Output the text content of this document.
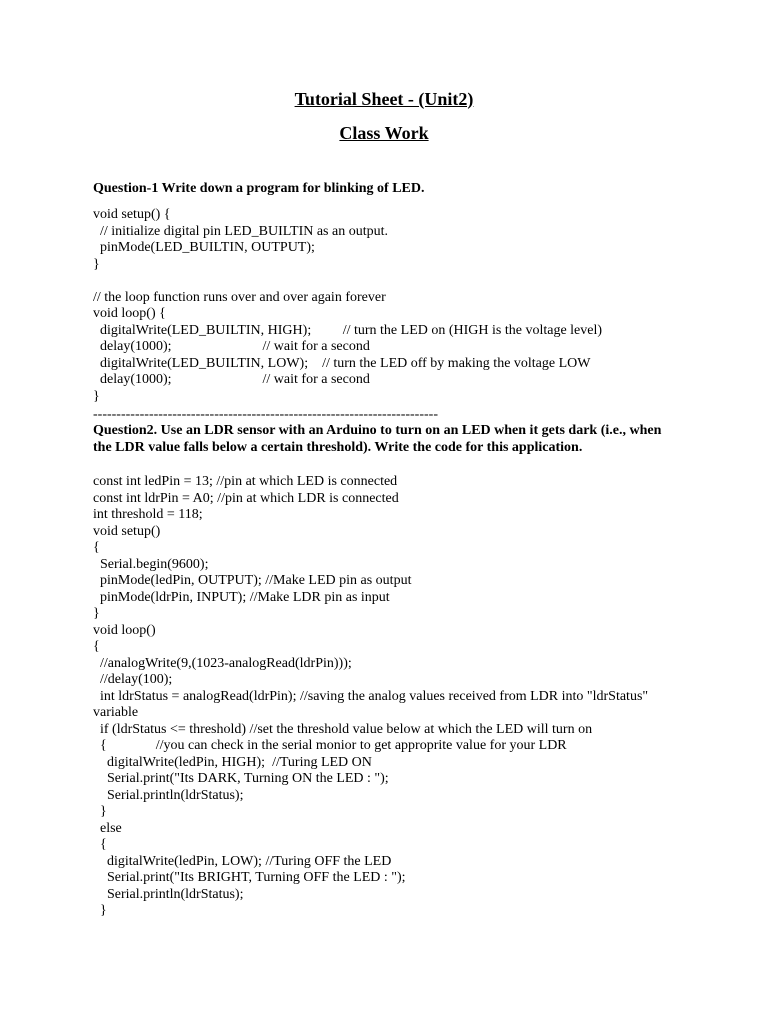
Tutorial Sheet - (Unit2)
Class Work
Question-1 Write down a program for blinking of LED.
void setup() {
// initialize digital pin LED_BUILTIN as an output.
pinMode(LED_BUILTIN, OUTPUT);
}

// the loop function runs over and over again forever
void loop() {
digitalWrite(LED_BUILTIN, HIGH);         // turn the LED on (HIGH is the voltage level)
delay(1000);                          // wait for a second
digitalWrite(LED_BUILTIN, LOW);    // turn the LED off by making the voltage LOW
delay(1000);                          // wait for a second
}
--------------------------------------------------------------------------
Question2. Use an LDR sensor with an Arduino to turn on an LED when it gets dark (i.e., when the LDR value falls below a certain threshold). Write the code for this application.
const int ledPin = 13; //pin at which LED is connected
const int ldrPin = A0; //pin at which LDR is connected
int threshold = 118;
void setup()
{
Serial.begin(9600);
pinMode(ledPin, OUTPUT); //Make LED pin as output
pinMode(ldrPin, INPUT); //Make LDR pin as input
}
void loop()
{
//analogWrite(9,(1023-analogRead(ldrPin)));
//delay(100);
int ldrStatus = analogRead(ldrPin); //saving the analog values received from LDR into "ldrStatus"
variable
if (ldrStatus <= threshold) //set the threshold value below at which the LED will turn on
{              //you can check in the serial monior to get approprite value for your LDR
digitalWrite(ledPin, HIGH);  //Turing LED ON
Serial.print("Its DARK, Turning ON the LED : ");
Serial.println(ldrStatus);
}
else
{
digitalWrite(ledPin, LOW); //Turing OFF the LED
Serial.print("Its BRIGHT, Turning OFF the LED : ");
Serial.println(ldrStatus);
}
